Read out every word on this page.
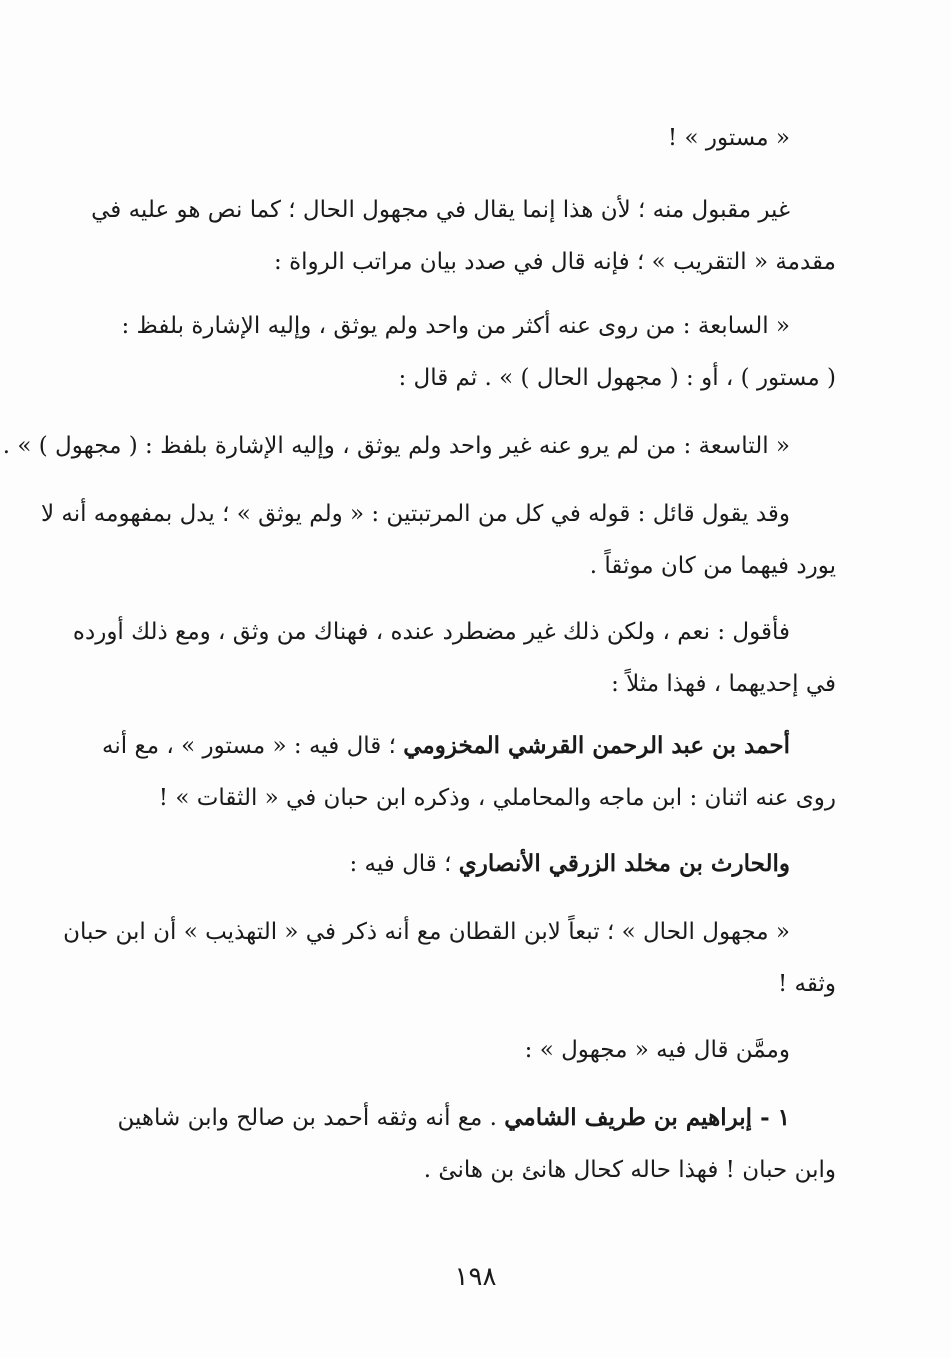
« مستور » !
غير مقبول منه ؛ لأن هذا إنما يقال في مجهول الحال ؛ كما نص هو عليه في
مقدمة « التقريب » ؛ فإنه قال في صدد بيان مراتب الرواة :
« السابعة : من روى عنه أكثر من واحد ولم يوثق ، وإليه الإشارة بلفظ :
( مستور ) ، أو : ( مجهول الحال ) » . ثم قال :
« التاسعة : من لم يرو عنه غير واحد ولم يوثق ، وإليه الإشارة بلفظ : ( مجهول ) » .
وقد يقول قائل : قوله في كل من المرتبتين : « ولم يوثق » ؛ يدل بمفهومه أنه لا
يورد فيهما من كان موثقاً .
فأقول : نعم ، ولكن ذلك غير مضطرد عنده ، فهناك من وثق ، ومع ذلك أورده
في إحديهما ، فهذا مثلاً :
أحمد بن عبد الرحمن القرشي المخزومي ؛ قال فيه : « مستور » ، مع أنه
روى عنه اثنان : ابن ماجه والمحاملي ، وذكره ابن حبان في « الثقات » !
والحارث بن مخلد الزرقي الأنصاري ؛ قال فيه :
« مجهول الحال » ؛ تبعاً لابن القطان مع أنه ذكر في « التهذيب » أن ابن حبان
وثقه !
وممَّن قال فيه « مجهول » :
١ - إبراهيم بن طريف الشامي . مع أنه وثقه أحمد بن صالح وابن شاهين
وابن حبان ! فهذا حاله كحال هانئ بن هانئ .
١٩٨
